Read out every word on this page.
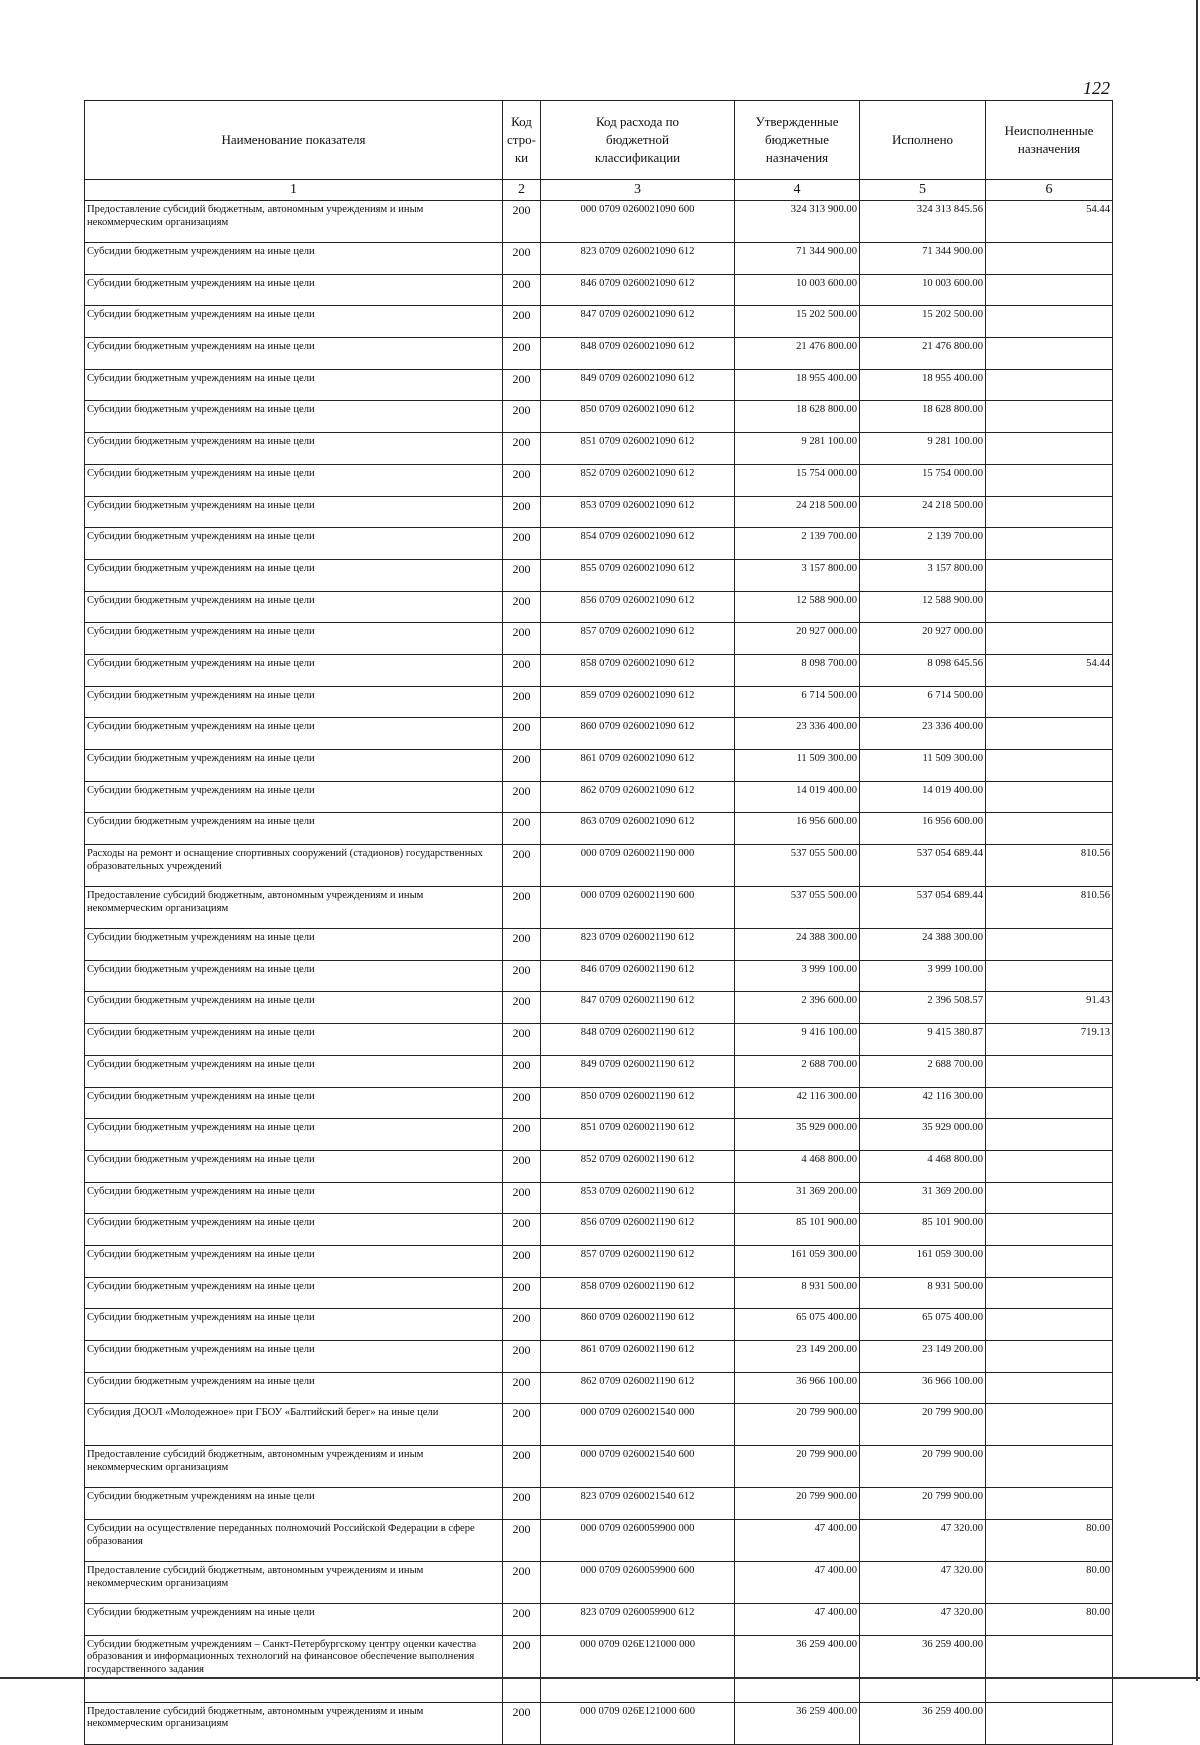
122
Наименование показателя	Код стро-ки	Код расхода по бюджетной классификации	Утвержденные бюджетные назначения	Исполнено	Неисполненные назначения
1	2	3	4	5	6
Предоставление субсидий бюджетным, автономным учреждениям и иным некоммерческим организациям	200	000 0709 0260021090 600	324 313 900.00	324 313 845.56	54.44
Субсидии бюджетным учреждениям на иные цели	200	823 0709 0260021090 612	71 344 900.00	71 344 900.00	
Субсидии бюджетным учреждениям на иные цели	200	846 0709 0260021090 612	10 003 600.00	10 003 600.00	
Субсидии бюджетным учреждениям на иные цели	200	847 0709 0260021090 612	15 202 500.00	15 202 500.00	
Субсидии бюджетным учреждениям на иные цели	200	848 0709 0260021090 612	21 476 800.00	21 476 800.00	
Субсидии бюджетным учреждениям на иные цели	200	849 0709 0260021090 612	18 955 400.00	18 955 400.00	
Субсидии бюджетным учреждениям на иные цели	200	850 0709 0260021090 612	18 628 800.00	18 628 800.00	
Субсидии бюджетным учреждениям на иные цели	200	851 0709 0260021090 612	9 281 100.00	9 281 100.00	
Субсидии бюджетным учреждениям на иные цели	200	852 0709 0260021090 612	15 754 000.00	15 754 000.00	
Субсидии бюджетным учреждениям на иные цели	200	853 0709 0260021090 612	24 218 500.00	24 218 500.00	
Субсидии бюджетным учреждениям на иные цели	200	854 0709 0260021090 612	2 139 700.00	2 139 700.00	
Субсидии бюджетным учреждениям на иные цели	200	855 0709 0260021090 612	3 157 800.00	3 157 800.00	
Субсидии бюджетным учреждениям на иные цели	200	856 0709 0260021090 612	12 588 900.00	12 588 900.00	
Субсидии бюджетным учреждениям на иные цели	200	857 0709 0260021090 612	20 927 000.00	20 927 000.00	
Субсидии бюджетным учреждениям на иные цели	200	858 0709 0260021090 612	8 098 700.00	8 098 645.56	54.44
Субсидии бюджетным учреждениям на иные цели	200	859 0709 0260021090 612	6 714 500.00	6 714 500.00	
Субсидии бюджетным учреждениям на иные цели	200	860 0709 0260021090 612	23 336 400.00	23 336 400.00	
Субсидии бюджетным учреждениям на иные цели	200	861 0709 0260021090 612	11 509 300.00	11 509 300.00	
Субсидии бюджетным учреждениям на иные цели	200	862 0709 0260021090 612	14 019 400.00	14 019 400.00	
Субсидии бюджетным учреждениям на иные цели	200	863 0709 0260021090 612	16 956 600.00	16 956 600.00	
Расходы на ремонт и оснащение спортивных сооружений (стадионов) государственных образовательных учреждений	200	000 0709 0260021190 000	537 055 500.00	537 054 689.44	810.56
Предоставление субсидий бюджетным, автономным учреждениям и иным некоммерческим организациям	200	000 0709 0260021190 600	537 055 500.00	537 054 689.44	810.56
Субсидии бюджетным учреждениям на иные цели	200	823 0709 0260021190 612	24 388 300.00	24 388 300.00	
Субсидии бюджетным учреждениям на иные цели	200	846 0709 0260021190 612	3 999 100.00	3 999 100.00	
Субсидии бюджетным учреждениям на иные цели	200	847 0709 0260021190 612	2 396 600.00	2 396 508.57	91.43
Субсидии бюджетным учреждениям на иные цели	200	848 0709 0260021190 612	9 416 100.00	9 415 380.87	719.13
Субсидии бюджетным учреждениям на иные цели	200	849 0709 0260021190 612	2 688 700.00	2 688 700.00	
Субсидии бюджетным учреждениям на иные цели	200	850 0709 0260021190 612	42 116 300.00	42 116 300.00	
Субсидии бюджетным учреждениям на иные цели	200	851 0709 0260021190 612	35 929 000.00	35 929 000.00	
Субсидии бюджетным учреждениям на иные цели	200	852 0709 0260021190 612	4 468 800.00	4 468 800.00	
Субсидии бюджетным учреждениям на иные цели	200	853 0709 0260021190 612	31 369 200.00	31 369 200.00	
Субсидии бюджетным учреждениям на иные цели	200	856 0709 0260021190 612	85 101 900.00	85 101 900.00	
Субсидии бюджетным учреждениям на иные цели	200	857 0709 0260021190 612	161 059 300.00	161 059 300.00	
Субсидии бюджетным учреждениям на иные цели	200	858 0709 0260021190 612	8 931 500.00	8 931 500.00	
Субсидии бюджетным учреждениям на иные цели	200	860 0709 0260021190 612	65 075 400.00	65 075 400.00	
Субсидии бюджетным учреждениям на иные цели	200	861 0709 0260021190 612	23 149 200.00	23 149 200.00	
Субсидии бюджетным учреждениям на иные цели	200	862 0709 0260021190 612	36 966 100.00	36 966 100.00	
Субсидия ДООЛ «Молодежное» при ГБОУ «Балтийский берег» на иные цели	200	000 0709 0260021540 000	20 799 900.00	20 799 900.00	
Предоставление субсидий бюджетным, автономным учреждениям и иным некоммерческим организациям	200	000 0709 0260021540 600	20 799 900.00	20 799 900.00	
Субсидии бюджетным учреждениям на иные цели	200	823 0709 0260021540 612	20 799 900.00	20 799 900.00	
Субсидии на осуществление переданных полномочий Российской Федерации в сфере образования	200	000 0709 0260059900 000	47 400.00	47 320.00	80.00
Предоставление субсидий бюджетным, автономным учреждениям и иным некоммерческим организациям	200	000 0709 0260059900 600	47 400.00	47 320.00	80.00
Субсидии бюджетным учреждениям на иные цели	200	823 0709 0260059900 612	47 400.00	47 320.00	80.00
Субсидии бюджетным учреждениям – Санкт-Петербургскому центру оценки качества образования и информационных технологий на финансовое обеспечение выполнения государственного задания	200	000 0709 026E121000 000	36 259 400.00	36 259 400.00	
Предоставление субсидий бюджетным, автономным учреждениям и иным некоммерческим организациям	200	000 0709 026E121000 600	36 259 400.00	36 259 400.00	
